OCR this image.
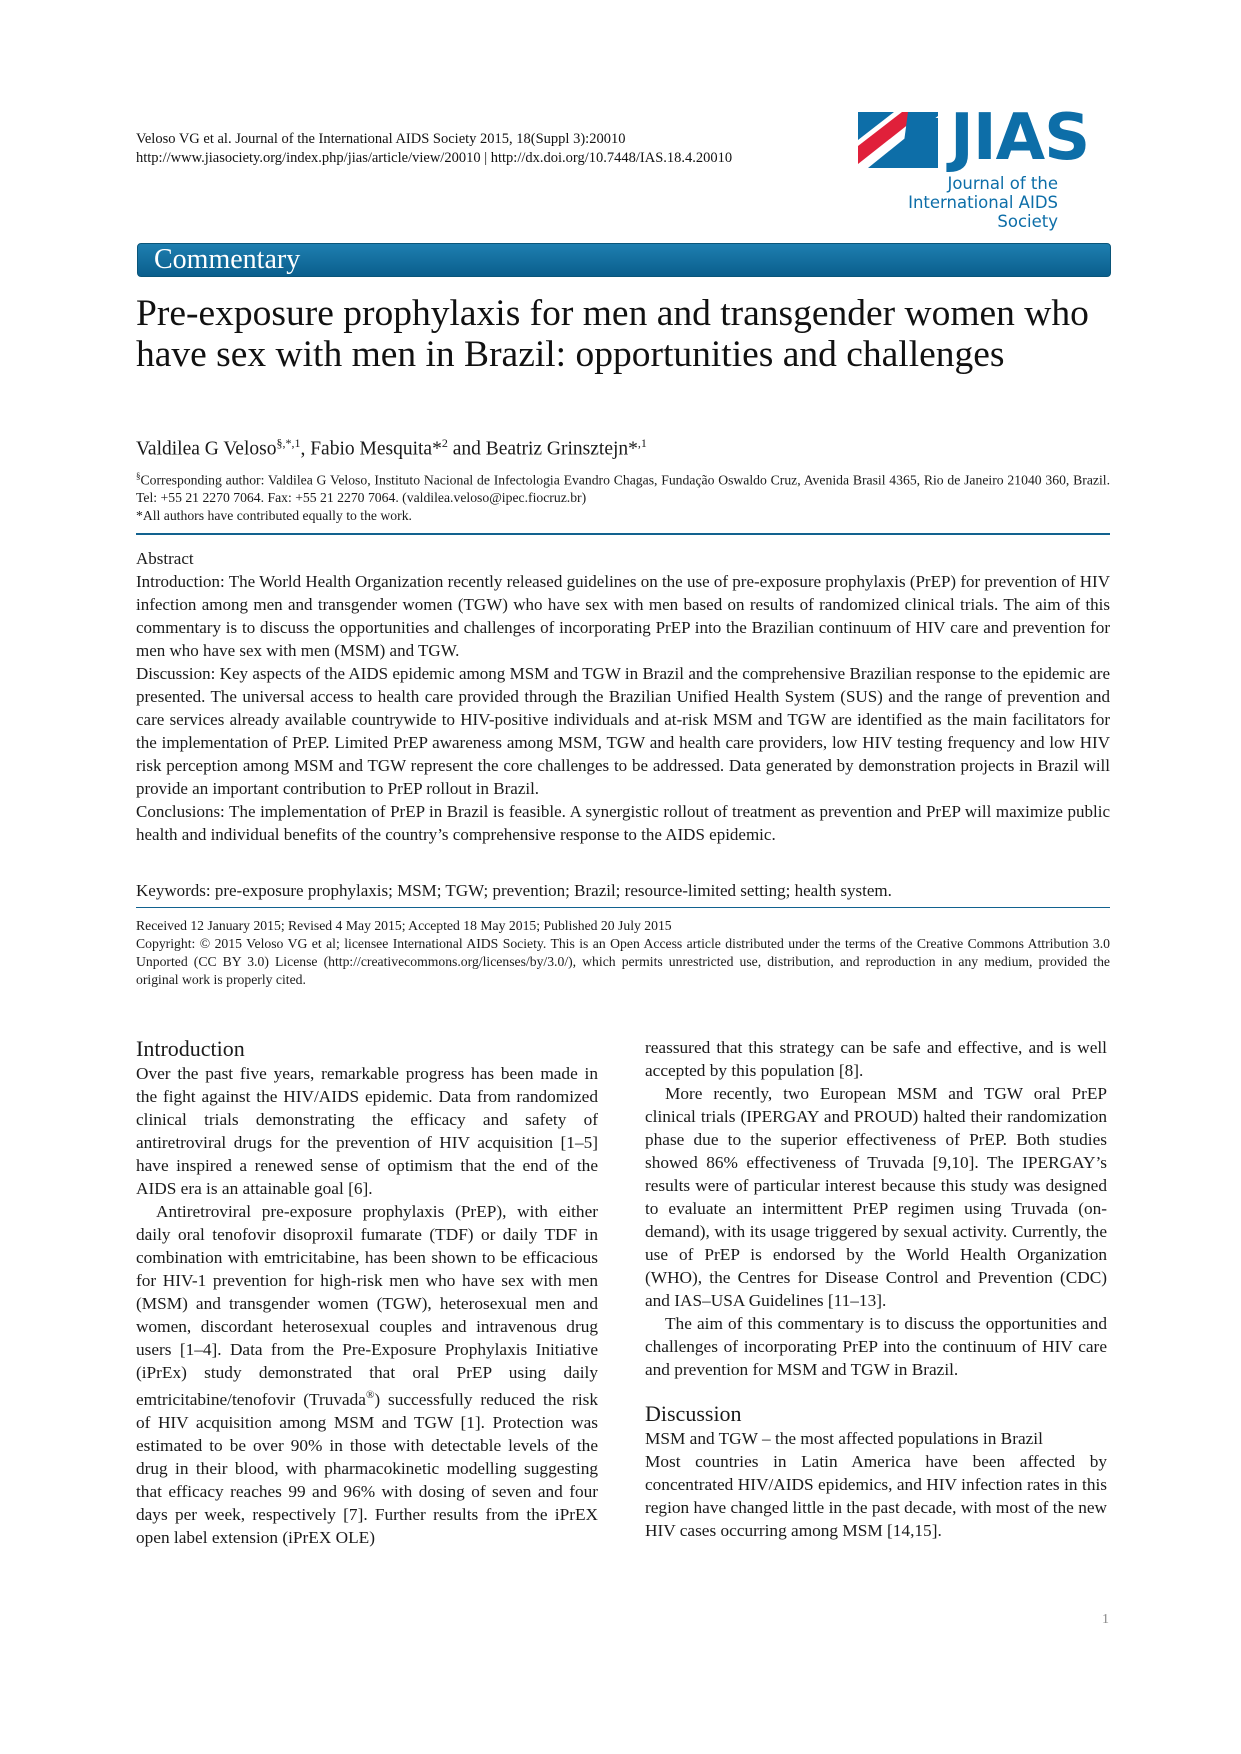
Veloso VG et al. Journal of the International AIDS Society 2015, 18(Suppl 3):20010
http://www.jiasociety.org/index.php/jias/article/view/20010 | http://dx.doi.org/10.7448/IAS.18.4.20010	JIAS
Journal of the
International AIDS Society
Commentary
Pre-exposure prophylaxis for men and transgender women who have sex with men in Brazil: opportunities and challenges
Valdilea G Veloso$^{\S,*,1}$, Fabio Mesquita*$^2$ and Beatriz Grinsztejn*$^{,1}$
§Corresponding author: Valdilea G Veloso, Instituto Nacional de Infectologia Evandro Chagas, Fundação Oswaldo Cruz, Avenida Brasil 4365, Rio de Janeiro 21040 360, Brazil. Tel: +55 21 2270 7064. Fax: +55 21 2270 7064. (valdilea.veloso@ipec.fiocruz.br)
*All authors have contributed equally to the work.

Abstract

Introduction: The World Health Organization recently released guidelines on the use of pre-exposure prophylaxis (PrEP) for prevention of HIV infection among men and transgender women (TGW) who have sex with men based on results of randomized clinical trials. The aim of this commentary is to discuss the opportunities and challenges of incorporating PrEP into the Brazilian continuum of HIV care and prevention for men who have sex with men (MSM) and TGW.

Discussion: Key aspects of the AIDS epidemic among MSM and TGW in Brazil and the comprehensive Brazilian response to the epidemic are presented. The universal access to health care provided through the Brazilian Unified Health System (SUS) and the range of prevention and care services already available countrywide to HIV-positive individuals and at-risk MSM and TGW are identified as the main facilitators for the implementation of PrEP. Limited PrEP awareness among MSM, TGW and health care providers, low HIV testing frequency and low HIV risk perception among MSM and TGW represent the core challenges to be addressed. Data generated by demonstration projects in Brazil will provide an important contribution to PrEP rollout in Brazil.

Conclusions: The implementation of PrEP in Brazil is feasible. A synergistic rollout of treatment as prevention and PrEP will maximize public health and individual benefits of the country’s comprehensive response to the AIDS epidemic.

Keywords: pre-exposure prophylaxis; MSM; TGW; prevention; Brazil; resource-limited setting; health system.

Received 12 January 2015; Revised 4 May 2015; Accepted 18 May 2015; Published 20 July 2015

Copyright: © 2015 Veloso VG et al; licensee International AIDS Society. This is an Open Access article distributed under the terms of the Creative Commons Attribution 3.0 Unported (CC BY 3.0) License (http://creativecommons.org/licenses/by/3.0/), which permits unrestricted use, distribution, and reproduction in any medium, provided the original work is properly cited.

Introduction

Over the past five years, remarkable progress has been made in the fight against the HIV/AIDS epidemic. Data from randomized clinical trials demonstrating the efficacy and safety of antiretroviral drugs for the prevention of HIV acquisition [1–5] have inspired a renewed sense of optimism that the end of the AIDS era is an attainable goal [6].

Antiretroviral pre-exposure prophylaxis (PrEP), with either daily oral tenofovir disoproxil fumarate (TDF) or daily TDF in combination with emtricitabine, has been shown to be efficacious for HIV-1 prevention for high-risk men who have sex with men (MSM) and transgender women (TGW), heterosexual men and women, discordant heterosexual couples and intravenous drug users [1–4]. Data from the Pre-Exposure Prophylaxis Initiative (iPrEx) study demonstrated that oral PrEP using daily emtricitabine/tenofovir (Truvada®) successfully reduced the risk of HIV acquisition among MSM and TGW [1]. Protection was estimated to be over 90% in those with detectable levels of the drug in their blood, with pharmacokinetic modelling suggesting that efficacy reaches 99 and 96% with dosing of seven and four days per week, respectively [7]. Further results from the iPrEX open label extension (iPrEX OLE)

reassured that this strategy can be safe and effective, and is well accepted by this population [8].

More recently, two European MSM and TGW oral PrEP clinical trials (IPERGAY and PROUD) halted their randomization phase due to the superior effectiveness of PrEP. Both studies showed 86% effectiveness of Truvada [9,10]. The IPERGAY’s results were of particular interest because this study was designed to evaluate an intermittent PrEP regimen using Truvada (on-demand), with its usage triggered by sexual activity. Currently, the use of PrEP is endorsed by the World Health Organization (WHO), the Centres for Disease Control and Prevention (CDC) and IAS–USA Guidelines [11–13].

The aim of this commentary is to discuss the opportunities and challenges of incorporating PrEP into the continuum of HIV care and prevention for MSM and TGW in Brazil.

Discussion

MSM and TGW – the most affected populations in Brazil

Most countries in Latin America have been affected by concentrated HIV/AIDS epidemics, and HIV infection rates in this region have changed little in the past decade, with most of the new HIV cases occurring among MSM [14,15].

1
